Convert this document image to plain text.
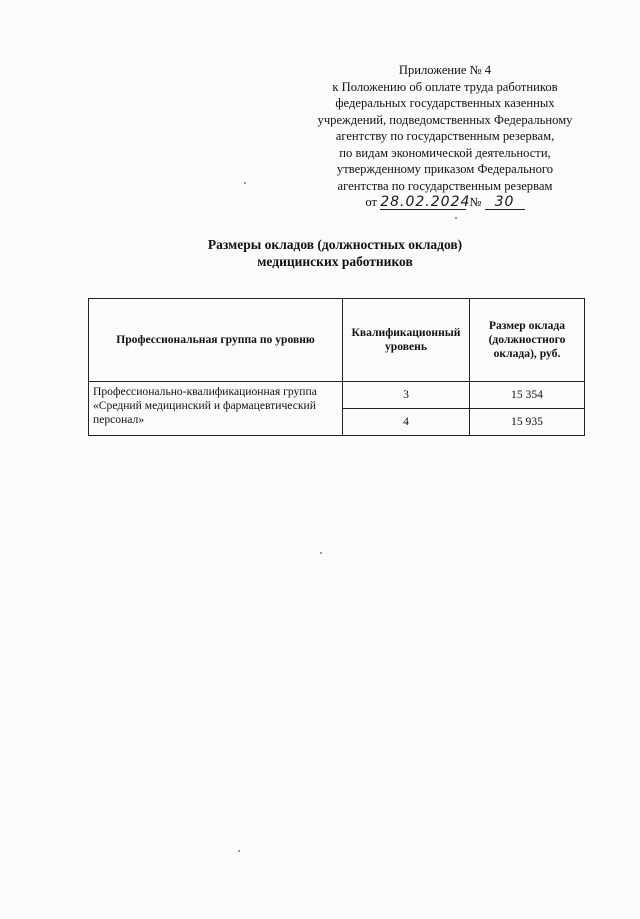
Приложение № 4
к Положению об оплате труда работников
федеральных государственных казенных
учреждений, подведомственных Федеральному
агентству по государственным резервам,
по видам экономической деятельности,
утвержденному приказом Федерального
агентства по государственным резервам
от 28.02.2024 № 30
Размеры окладов (должностных окладов)
медицинских работников
Профессиональная группа по уровню	Квалификационный уровень	Размер оклада (должностного оклада), руб.
Профессионально-квалификационная группа «Средний медицинский и фармацевтический персонал»	3	15 354
	4	15 935
